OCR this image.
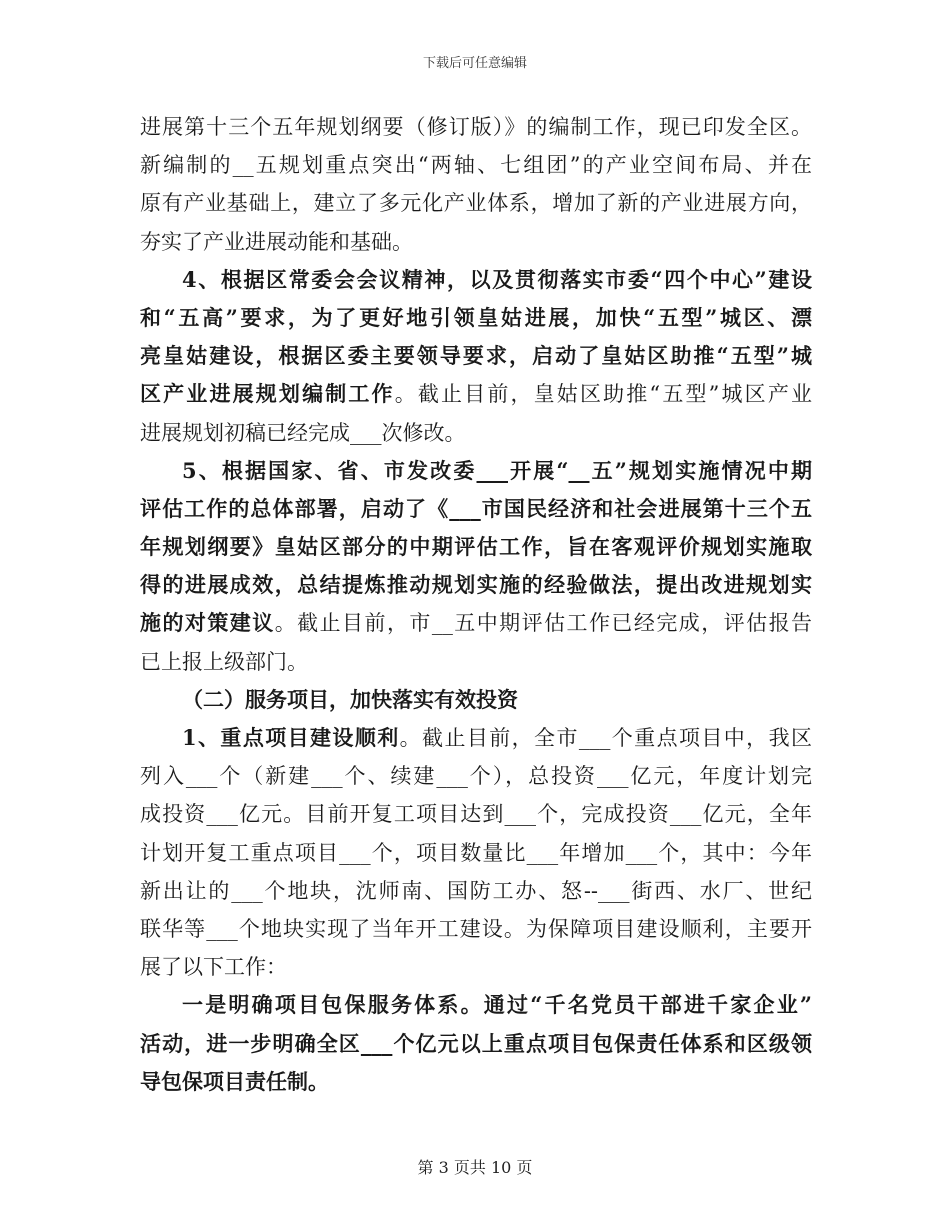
下载后可任意编辑
进展第十三个五年规划纲要（修订版）》的编制工作，现已印发全区。
新编制的__五规划重点突出“两轴、七组团”的产业空间布局、并在
原有产业基础上，建立了多元化产业体系，增加了新的产业进展方向，
夯实了产业进展动能和基础。
4、根据区常委会会议精神，以及贯彻落实市委“四个中心”建设
和“五高”要求，为了更好地引领皇姑进展，加快“五型”城区、漂
亮皇姑建设，根据区委主要领导要求，启动了皇姑区助推“五型”城
区产业进展规划编制工作。截止目前，皇姑区助推“五型”城区产业
进展规划初稿已经完成___次修改。
5、根据国家、省、市发改委___开展“__五”规划实施情况中期
评估工作的总体部署，启动了《___市国民经济和社会进展第十三个五
年规划纲要》皇姑区部分的中期评估工作，旨在客观评价规划实施取
得的进展成效，总结提炼推动规划实施的经验做法，提出改进规划实
施的对策建议。截止目前，市__五中期评估工作已经完成，评估报告
已上报上级部门。
（二）服务项目，加快落实有效投资
1、重点项目建设顺利。截止目前，全市___个重点项目中，我区
列入___个（新建___个、续建___个），总投资___亿元，年度计划完
成投资___亿元。目前开复工项目达到___个，完成投资___亿元，全年
计划开复工重点项目___个，项目数量比___年增加___个，其中：今年
新出让的___个地块，沈师南、国防工办、怒--___街西、水厂、世纪
联华等___个地块实现了当年开工建设。为保障项目建设顺利，主要开
展了以下工作：
一是明确项目包保服务体系。通过“千名党员干部进千家企业”
活动，进一步明确全区___个亿元以上重点项目包保责任体系和区级领
导包保项目责任制。
第 3 页共 10 页
